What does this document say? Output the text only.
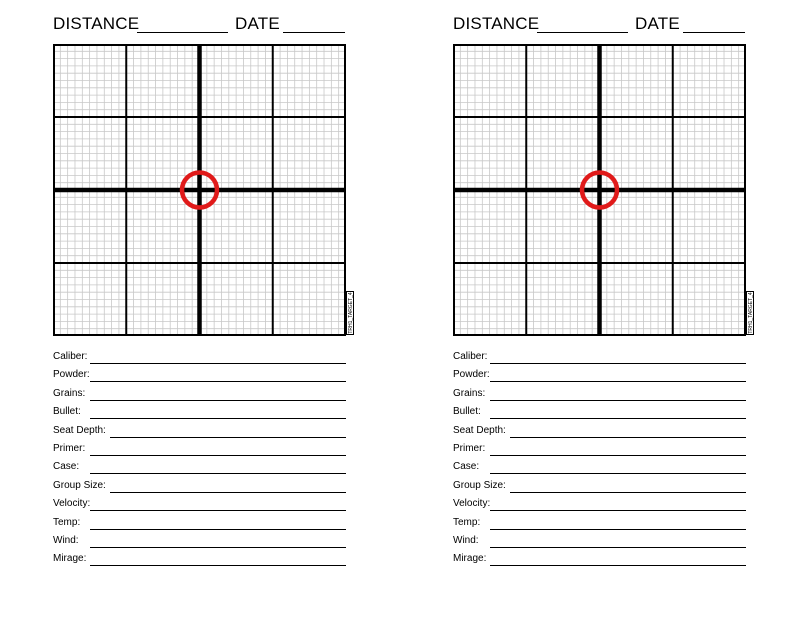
DISTANCE	DATE
TRH1_TARGET_4
Caliber:
Powder:
Grains:
Bullet:
Seat Depth:
Primer:
Case:
Group Size:
Velocity:
Temp:
Wind:
Mirage:
DISTANCE	DATE
TRH1_TARGET_4
Caliber:
Powder:
Grains:
Bullet:
Seat Depth:
Primer:
Case:
Group Size:
Velocity:
Temp:
Wind:
Mirage:
